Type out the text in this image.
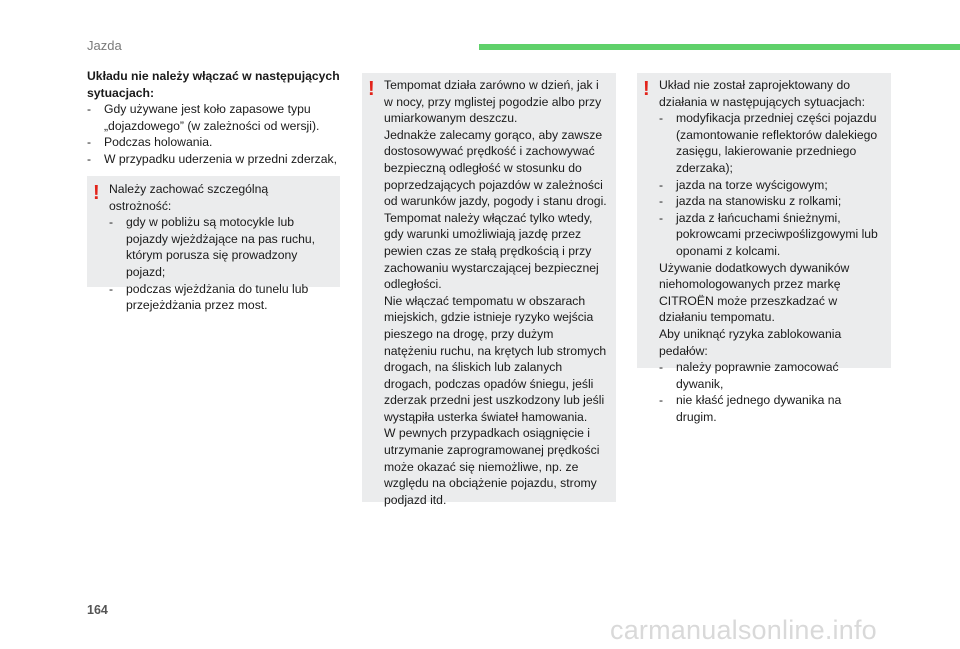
Jazda

Układu nie należy włączać w następujących sytuacjach:

- Gdy używane jest koło zapasowe typu „dojazdowego” (w zależności od wersji).
- Podczas holowania.
- W przypadku uderzenia w przedni zderzak,
! Należy zachować szczególną ostrożność:

- gdy w pobliżu są motocykle lub pojazdy wjeżdżające na pas ruchu, którym porusza się prowadzony pojazd;
- podczas wjeżdżania do tunelu lub przejeżdżania przez most.
! Tempomat działa zarówno w dzień, jak i w nocy, przy mglistej pogodzie albo przy umiarkowanym deszczu.

Jednakże zalecamy gorąco, aby zawsze dostosowywać prędkość i zachowywać bezpieczną odległość w stosunku do poprzedzających pojazdów w zależności od warunków jazdy, pogody i stanu drogi.

Tempomat należy włączać tylko wtedy, gdy warunki umożliwiają jazdę przez pewien czas ze stałą prędkością i przy zachowaniu wystarczającej bezpiecznej odległości.

Nie włączać tempomatu w obszarach miejskich, gdzie istnieje ryzyko wejścia pieszego na drogę, przy dużym natężeniu ruchu, na krętych lub stromych drogach, na śliskich lub zalanych drogach, podczas opadów śniegu, jeśli zderzak przedni jest uszkodzony lub jeśli wystąpiła usterka świateł hamowania.

W pewnych przypadkach osiągnięcie i utrzymanie zaprogramowanej prędkości może okazać się niemożliwe, np. ze względu na obciążenie pojazdu, stromy podjazd itd.

! Układ nie został zaprojektowany do działania w następujących sytuacjach:

- modyfikacja przedniej części pojazdu (zamontowanie reflektorów dalekiego zasięgu, lakierowanie przedniego zderzaka);
- jazda na torze wyścigowym;
- jazda na stanowisku z rolkami;
- jazda z łańcuchami śnieżnymi, pokrowcami przeciwpoślizgowymi lub oponami z kolcami.

Używanie dodatkowych dywaników niehomologowanych przez markę CITROËN może przeszkadzać w działaniu tempomatu.

Aby uniknąć ryzyka zablokowania pedałów:

- należy poprawnie zamocować dywanik,
- nie kłaść jednego dywanika na drugim.
164
carmanualsonline.info
